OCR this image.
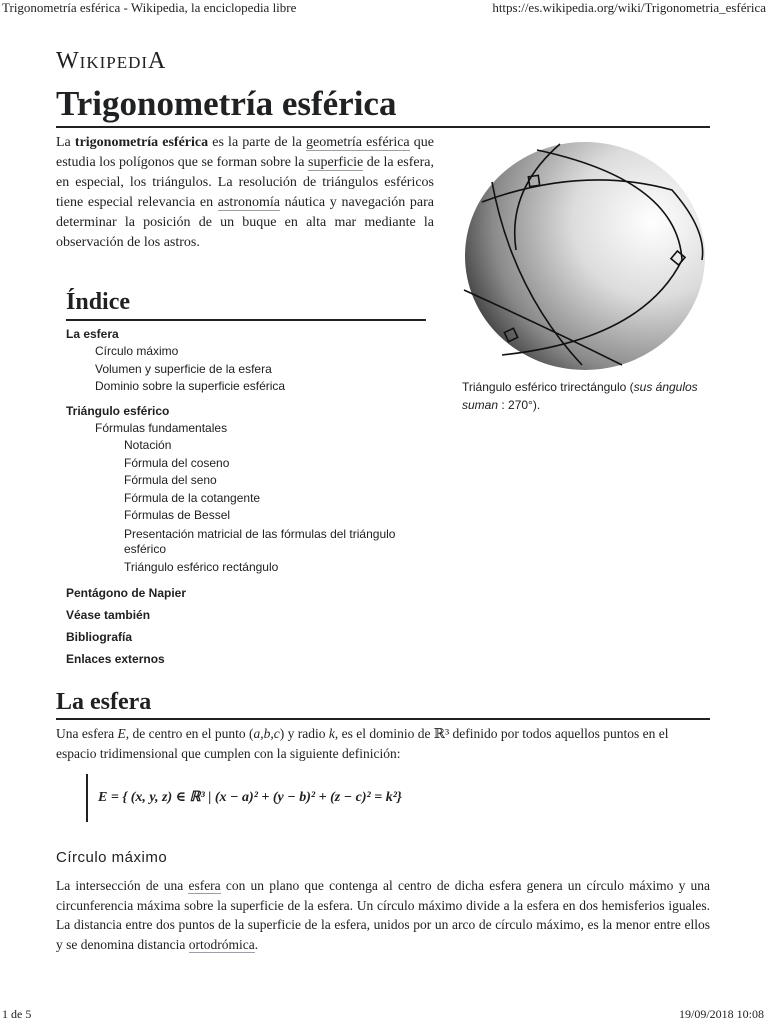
Trigonometría esférica - Wikipedia, la enciclopedia libre	https://es.wikipedia.org/wiki/Trigonometria_esférica
WIKIPEDIA
Trigonometría esférica
La trigonometría esférica es la parte de la geometría esférica que estudia los polígonos que se forman sobre la superficie de la esfera, en especial, los triángulos. La resolución de triángulos esféricos tiene especial relevancia en astronomía náutica y navegación para determinar la posición de un buque en alta mar mediante la observación de los astros.
Triángulo esférico trirectángulo (sus ángulos suman : 270°).
Índice
La esfera
Círculo máximo
Volumen y superficie de la esfera
Dominio sobre la superficie esférica
Triángulo esférico
Fórmulas fundamentales
Notación
Fórmula del coseno
Fórmula del seno
Fórmula de la cotangente
Fórmulas de Bessel
Presentación matricial de las fórmulas del triángulo esférico
Triángulo esférico rectángulo
Pentágono de Napier
Véase también
Bibliografía
Enlaces externos
La esfera
Una esfera E, de centro en el punto (a,b,c) y radio k, es el dominio de ℝ³ definido por todos aquellos puntos en el espacio tridimensional que cumplen con la siguiente definición:
E = { (x, y, z) ∈ ℝ³ | (x − a)² + (y − b)² + (z − c)² = k²}
Círculo máximo
La intersección de una esfera con un plano que contenga al centro de dicha esfera genera un círculo máximo y una circunferencia máxima sobre la superficie de la esfera. Un círculo máximo divide a la esfera en dos hemisferios iguales. La distancia entre dos puntos de la superficie de la esfera, unidos por un arco de círculo máximo, es la menor entre ellos y se denomina distancia ortodrómica.
1 de 5	19/09/2018 10:08
